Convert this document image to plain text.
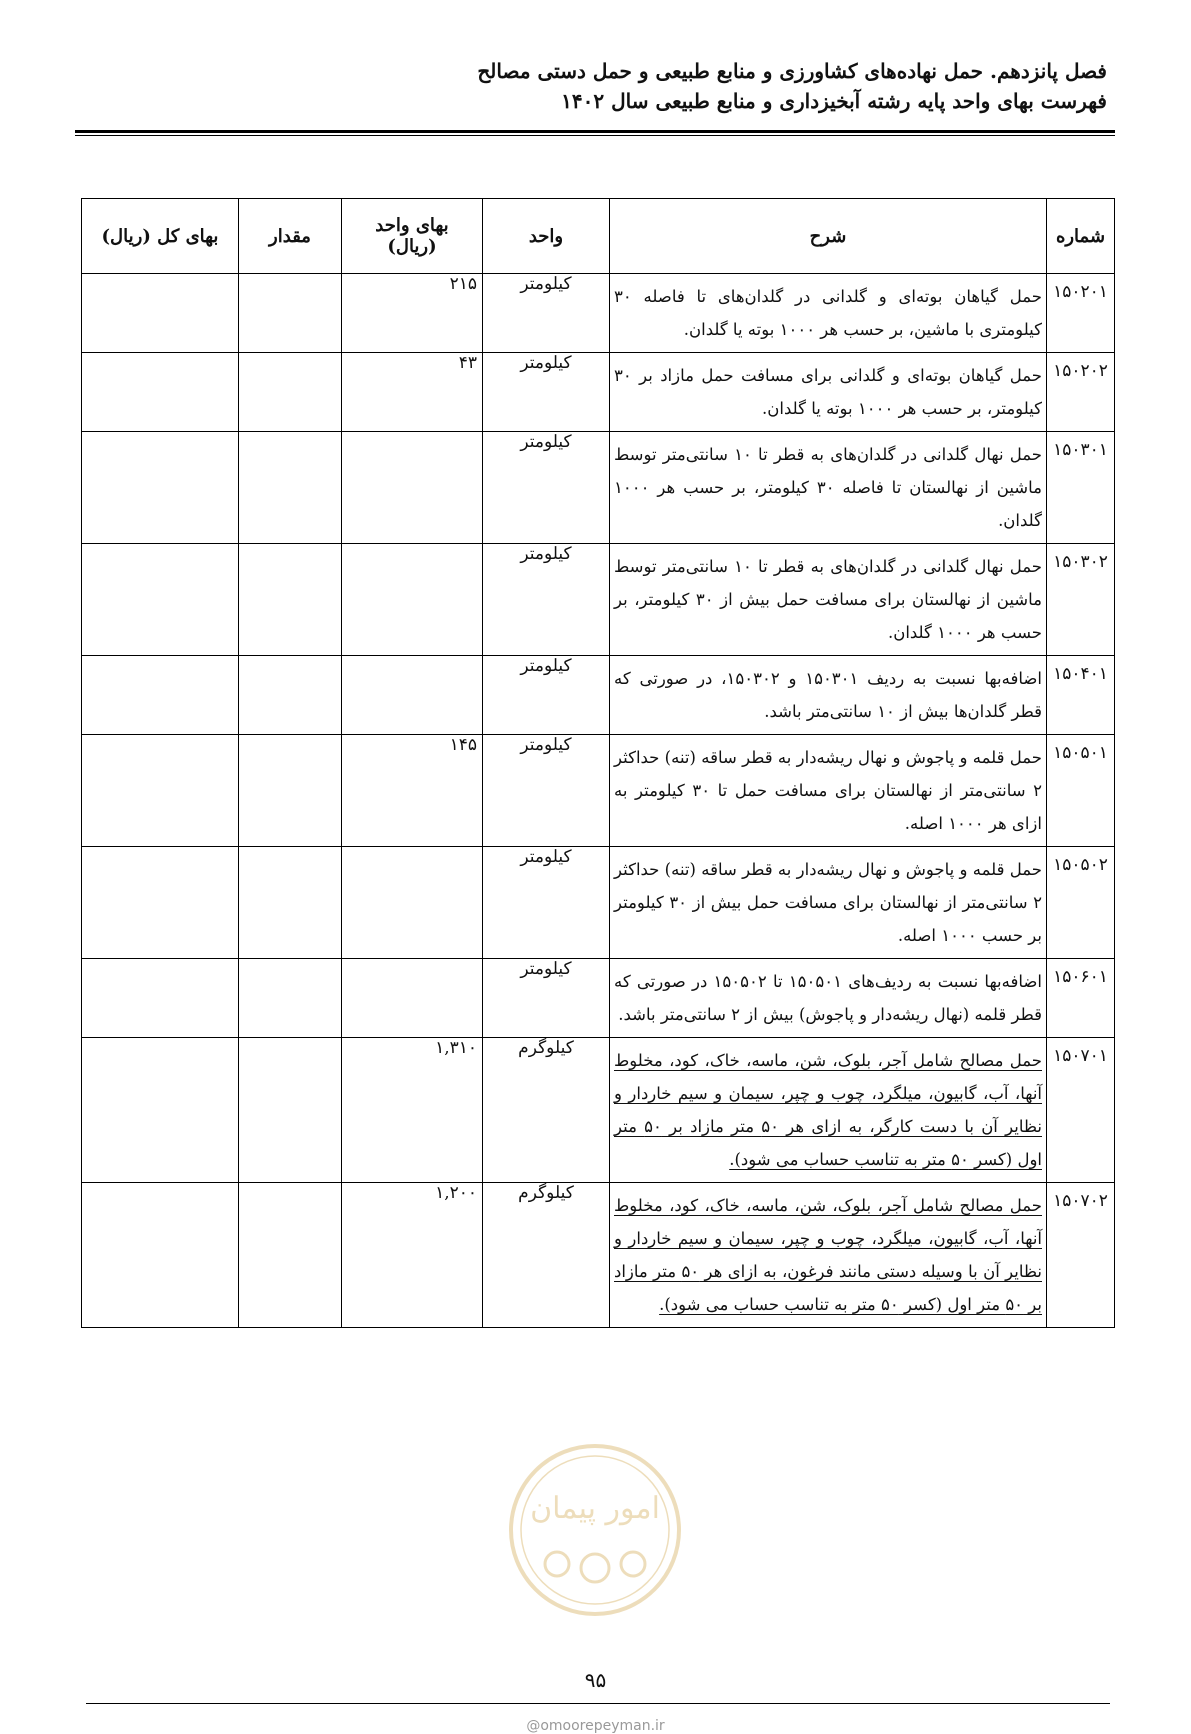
فصل پانزدهم. حمل نهاده‌های کشاورزی و منابع طبیعی و حمل دستی مصالح
فهرست بهای واحد پایه رشته آبخیزداری و منابع طبیعی سال ۱۴۰۲
شماره	شرح	واحد	بهای واحد (ریال)	مقدار	بهای کل (ریال)
۱۵۰۲۰۱	حمل گیاهان بوته‌ای و گلدانی در گلدان‌های تا فاصله ۳۰ کیلومتری با ماشین، بر حسب هر ۱۰۰۰ بوته یا گلدان.	کیلومتر	۲۱۵		
۱۵۰۲۰۲	حمل گیاهان بوته‌ای و گلدانی برای مسافت حمل مازاد بر ۳۰ کیلومتر، بر حسب هر ۱۰۰۰ بوته یا گلدان.	کیلومتر	۴۳		
۱۵۰۳۰۱	حمل نهال گلدانی در گلدان‌های به قطر تا ۱۰ سانتی‌متر توسط ماشین از نهالستان تا فاصله ۳۰ کیلومتر، بر حسب هر ۱۰۰۰ گلدان.	کیلومتر			
۱۵۰۳۰۲	حمل نهال گلدانی در گلدان‌های به قطر تا ۱۰ سانتی‌متر توسط ماشین از نهالستان برای مسافت حمل بیش از ۳۰ کیلومتر، بر حسب هر ۱۰۰۰ گلدان.	کیلومتر			
۱۵۰۴۰۱	اضافه‌بها نسبت به ردیف ۱۵۰۳۰۱ و ۱۵۰۳۰۲، در صورتی که قطر گلدان‌ها بیش از ۱۰ سانتی‌متر باشد.	کیلومتر			
۱۵۰۵۰۱	حمل قلمه و پاجوش و نهال ریشه‌دار به قطر ساقه (تنه) حداکثر ۲ سانتی‌متر از نهالستان برای مسافت حمل تا ۳۰ کیلومتر به ازای هر ۱۰۰۰ اصله.	کیلومتر	۱۴۵		
۱۵۰۵۰۲	حمل قلمه و پاجوش و نهال ریشه‌دار به قطر ساقه (تنه) حداکثر ۲ سانتی‌متر از نهالستان برای مسافت حمل بیش از ۳۰ کیلومتر بر حسب ۱۰۰۰ اصله.	کیلومتر			
۱۵۰۶۰۱	اضافه‌بها نسبت به ردیف‌های ۱۵۰۵۰۱ تا ۱۵۰۵۰۲ در صورتی که قطر قلمه (نهال ریشه‌دار و پاجوش) بیش از ۲ سانتی‌متر باشد.	کیلومتر			
۱۵۰۷۰۱	حمل مصالح شامل آجر، بلوک، شن، ماسه، خاک، کود، مخلوط آنها، آب، گابیون، میلگرد، چوب و چپر، سیمان و سیم خاردار و نظایر آن با دست کارگر، به ازای هر ۵۰ متر مازاد بر ۵۰ متر اول (کسر ۵۰ متر به تناسب حساب می شود).	کیلوگرم	۱,۳۱۰		
۱۵۰۷۰۲	حمل مصالح شامل آجر، بلوک، شن، ماسه، خاک، کود، مخلوط آنها، آب، گابیون، میلگرد، چوب و چپر، سیمان و سیم خاردار و نظایر آن با وسیله دستی مانند فرغون، به ازای هر ۵۰ متر مازاد بر ۵۰ متر اول (کسر ۵۰ متر به تناسب حساب می شود).	کیلوگرم	۱,۲۰۰		
امور پیمان
۹۵
@omoorepeyman.ir
